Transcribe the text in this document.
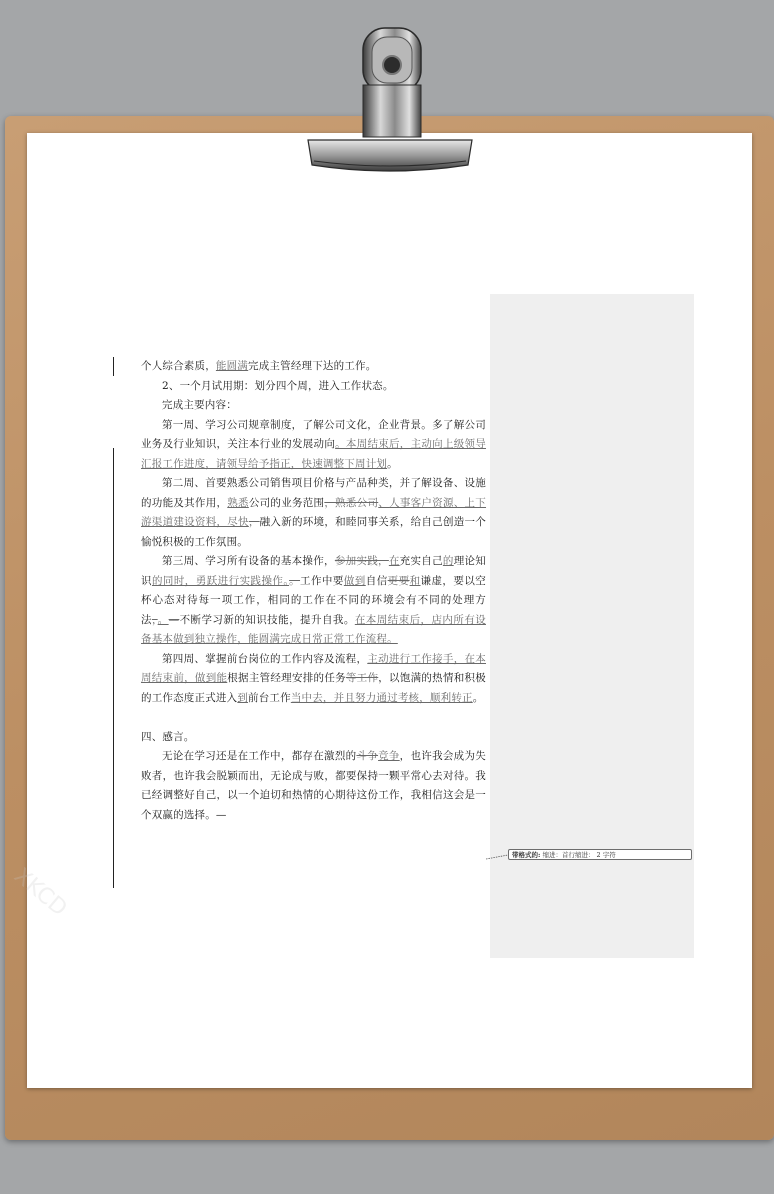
XKCD

个人综合素质，能圆满完成主管经理下达的工作。

2、一个月试用期：划分四个周，进入工作状态。

完成主要内容：

第一周、学习公司规章制度，了解公司文化，企业背景。多了解公司业务及行业知识，关注本行业的发展动向。本周结束后，主动向上级领导汇报工作进度，请领导给予指正，快速调整下周计划。

第二周、首要熟悉公司销售项目价格与产品种类，并了解设备、设施的功能及其作用，熟悉公司的业务范围，熟悉公司、人事客户资源、上下游渠道建设资料，尽快，融入新的环境，和睦同事关系，给自己创造一个愉悦积极的工作氛围。

第三周、学习所有设备的基本操作，参加实践，在充实自己的理论知识的同时，勇跃进行实践操作。。工作中要做到自信更要和谦虚，要以空杯心态对待每一项工作，相同的工作在不同的环境会有不同的处理方法，。—不断学习新的知识技能，提升自我。在本周结束后，店内所有设备基本做到独立操作，能圆满完成日常正常工作流程。

第四周、掌握前台岗位的工作内容及流程，主动进行工作接手，在本周结束前，做到能根据主管经理安排的任务等工作，以饱满的热情和积极的工作态度正式进入到前台工作当中去，并且努力通过考核，顺利转正。

四、感言。

无论在学习还是在工作中，都存在激烈的斗争竞争，也许我会成为失败者，也许我会脱颖而出，无论成与败，都要保持一颗平常心去对待。我已经调整好自己，以一个迫切和热情的心期待这份工作，我相信这会是一个双赢的选择。—

带格式的: 缩进：首行缩进： 2 字符
